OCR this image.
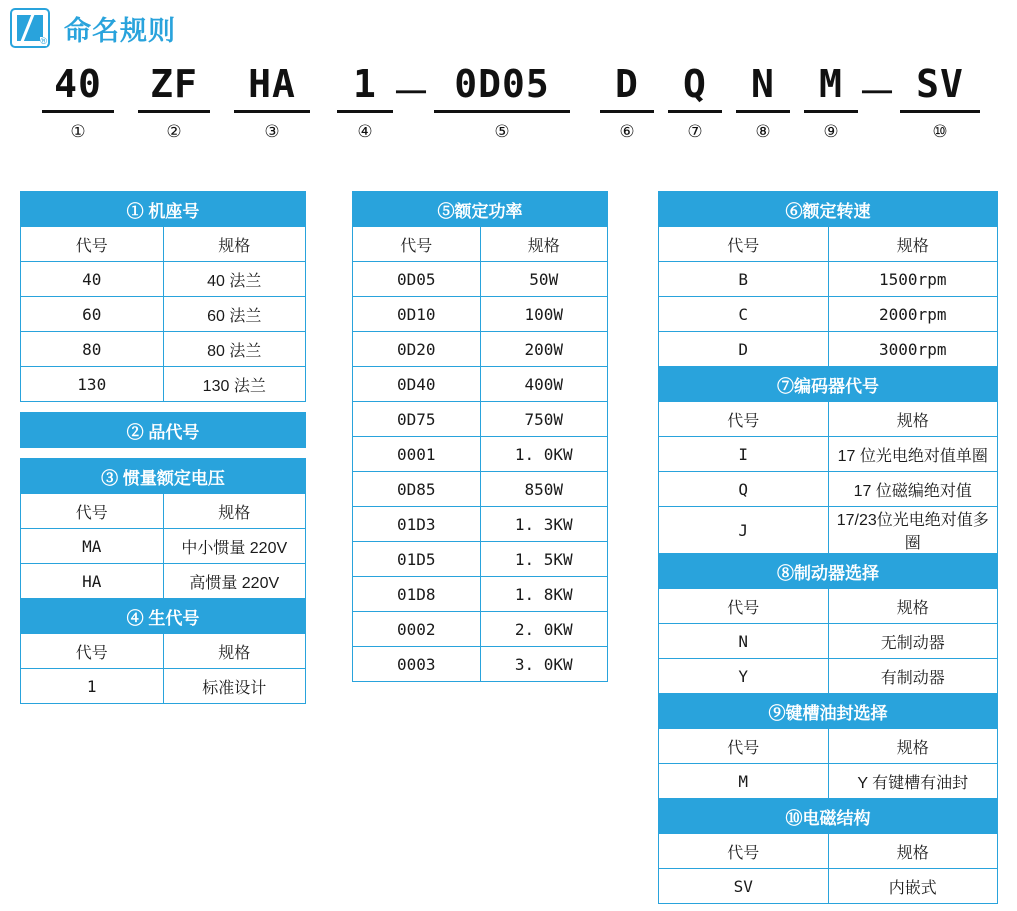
® 命名规则
40
①
ZF
②
HA
③
1
④
－ 0D05
⑤
D
⑥
Q
⑦
N
⑧
M
⑨
－ SV
⑩
① 机座号	
代号	规格
40	40 法兰
60	60 法兰
80	80 法兰
130	130 法兰
② 品代号
③ 惯量额定电压	
代号	规格
MA	中小惯量 220V
HA	高惯量 220V
④ 生代号	
代号	规格
1	标准设计
⑤额定功率	
代号	规格
0D05	50W
0D10	100W
0D20	200W
0D40	400W
0D75	750W
0001	1. 0KW
0D85	850W
01D3	1. 3KW
01D5	1. 5KW
01D8	1. 8KW
0002	2. 0KW
0003	3. 0KW
⑥额定转速	
代号	规格
B	1500rpm
C	2000rpm
D	3000rpm
⑦编码器代号	
代号	规格
I	17 位光电绝对值单圈
Q	17 位磁编绝对值
J	17/23位光电绝对值多圈
⑧制动器选择	
代号	规格
N	无制动器
Y	有制动器
⑨键槽油封选择	
代号	规格
M	Y 有键槽有油封
⑩电磁结构	
代号	规格
SV	内嵌式
